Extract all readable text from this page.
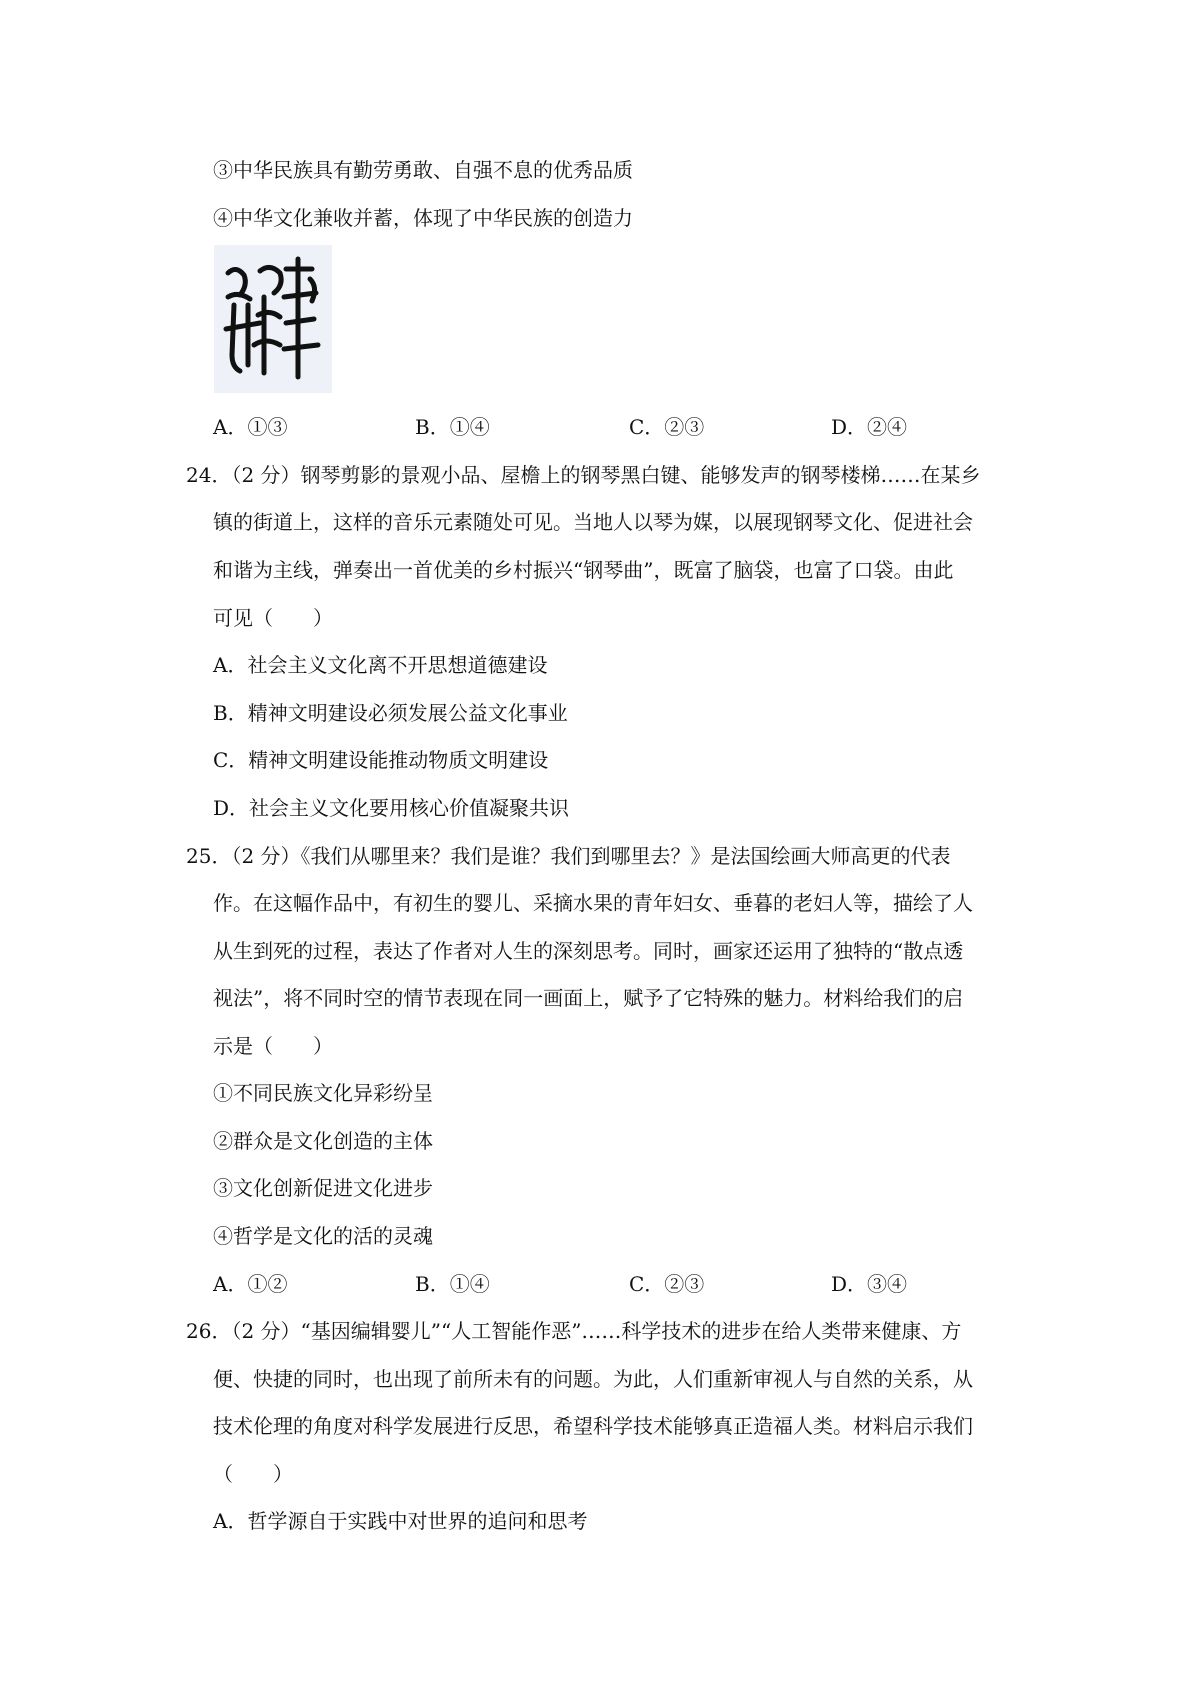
③中华民族具有勤劳勇敢、自强不息的优秀品质
④中华文化兼收并蓄，体现了中华民族的创造力
A．①③	B．①④	C．②③	D．②④
24．（2 分）钢琴剪影的景观小品、屋檐上的钢琴黑白键、能够发声的钢琴楼梯……在某乡
镇的街道上，这样的音乐元素随处可见。当地人以琴为媒，以展现钢琴文化、促进社会
和谐为主线，弹奏出一首优美的乡村振兴“钢琴曲”，既富了脑袋，也富了口袋。由此
可见（　　）
A．社会主义文化离不开思想道德建设
B．精神文明建设必须发展公益文化事业
C．精神文明建设能推动物质文明建设
D．社会主义文化要用核心价值凝聚共识
25．（2 分）《我们从哪里来？我们是谁？我们到哪里去？》是法国绘画大师高更的代表
作。在这幅作品中，有初生的婴儿、采摘水果的青年妇女、垂暮的老妇人等，描绘了人
从生到死的过程，表达了作者对人生的深刻思考。同时，画家还运用了独特的“散点透
视法”，将不同时空的情节表现在同一画面上，赋予了它特殊的魅力。材料给我们的启
示是（　　）
①不同民族文化异彩纷呈
②群众是文化创造的主体
③文化创新促进文化进步
④哲学是文化的活的灵魂
A．①②	B．①④	C．②③	D．③④
26．（2 分）“基因编辑婴儿”“人工智能作恶”……科学技术的进步在给人类带来健康、方
便、快捷的同时，也出现了前所未有的问题。为此，人们重新审视人与自然的关系，从
技术伦理的角度对科学发展进行反思，希望科学技术能够真正造福人类。材料启示我们
（　　）
A．哲学源自于实践中对世界的追问和思考
